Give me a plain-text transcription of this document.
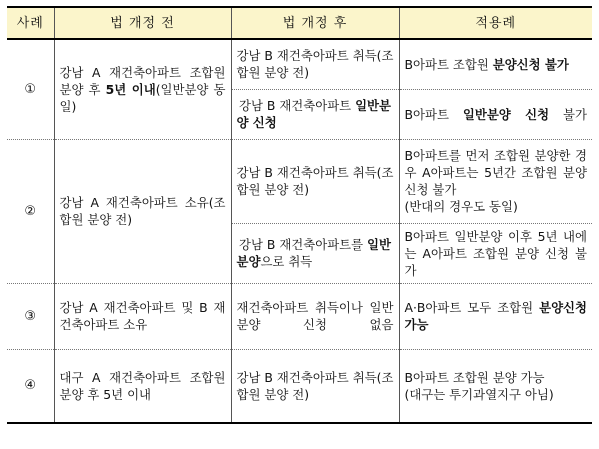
사례	법 개정 전	법 개정 후	적용례
①	강남 A 재건축아파트 조합원 분양 후 5년 이내(일반분양 동일)	강남 B 재건축아파트 취득(조합원 분양 전)	B아파트 조합원 분양신청 불가
		강남 B 재건축아파트 일반분양 신청	B아파트 일반분양 신청 불가
②	강남 A 재건축아파트 소유(조합원 분양 전)	강남 B 재건축아파트 취득(조합원 분양 전)	B아파트를 먼저 조합원 분양한 경우 A아파트는 5년간 조합원 분양신청 불가
(반대의 경우도 동일)
		강남 B 재건축아파트를 일반분양으로 취득	B아파트 일반분양 이후 5년 내에는 A아파트 조합원 분양 신청 불가
③	강남 A 재건축아파트 및 B 재건축아파트 소유	재건축아파트 취득이나 일반분양 신청 없음	A·B아파트 모두 조합원 분양신청 가능
④	대구 A 재건축아파트 조합원 분양 후 5년 이내	강남 B 재건축아파트 취득(조합원 분양 전)	B아파트 조합원 분양 가능
(대구는 투기과열지구 아님)
